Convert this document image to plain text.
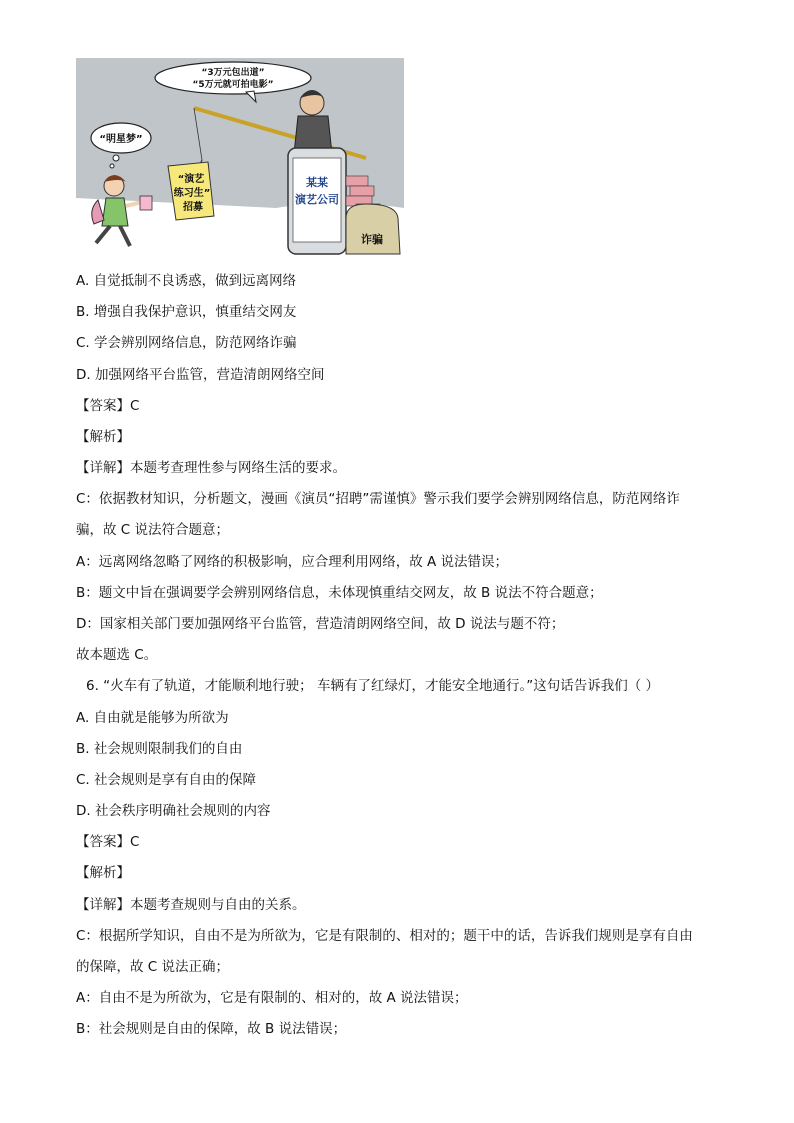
“3万元包出道”
“5万元就可拍电影”
“明星梦”
“演艺
练习生”
招募
某某
演艺公司
诈骗
A. 自觉抵制不良诱惑，做到远离网络
B. 增强自我保护意识，慎重结交网友
C. 学会辨别网络信息，防范网络诈骗
D. 加强网络平台监管，营造清朗网络空间
【答案】C
【解析】
【详解】本题考查理性参与网络生活的要求。
C：依据教材知识，分析题文，漫画《演员“招聘”需谨慎》警示我们要学会辨别网络信息，防范网络诈
骗，故 C 说法符合题意；
A：远离网络忽略了网络的积极影响，应合理利用网络，故 A 说法错误；
B：题文中旨在强调要学会辨别网络信息，未体现慎重结交网友，故 B 说法不符合题意；
D：国家相关部门要加强网络平台监管，营造清朗网络空间，故 D 说法与题不符；
故本题选 C。
6. “火车有了轨道，才能顺利地行驶； 车辆有了红绿灯，才能安全地通行。”这句话告诉我们（ ）
A. 自由就是能够为所欲为
B. 社会规则限制我们的自由
C. 社会规则是享有自由的保障
D. 社会秩序明确社会规则的内容
【答案】C
【解析】
【详解】本题考查规则与自由的关系。
C：根据所学知识，自由不是为所欲为，它是有限制的、相对的；题干中的话，告诉我们规则是享有自由
的保障，故 C 说法正确；
A：自由不是为所欲为，它是有限制的、相对的，故 A 说法错误；
B：社会规则是自由的保障，故 B 说法错误；
